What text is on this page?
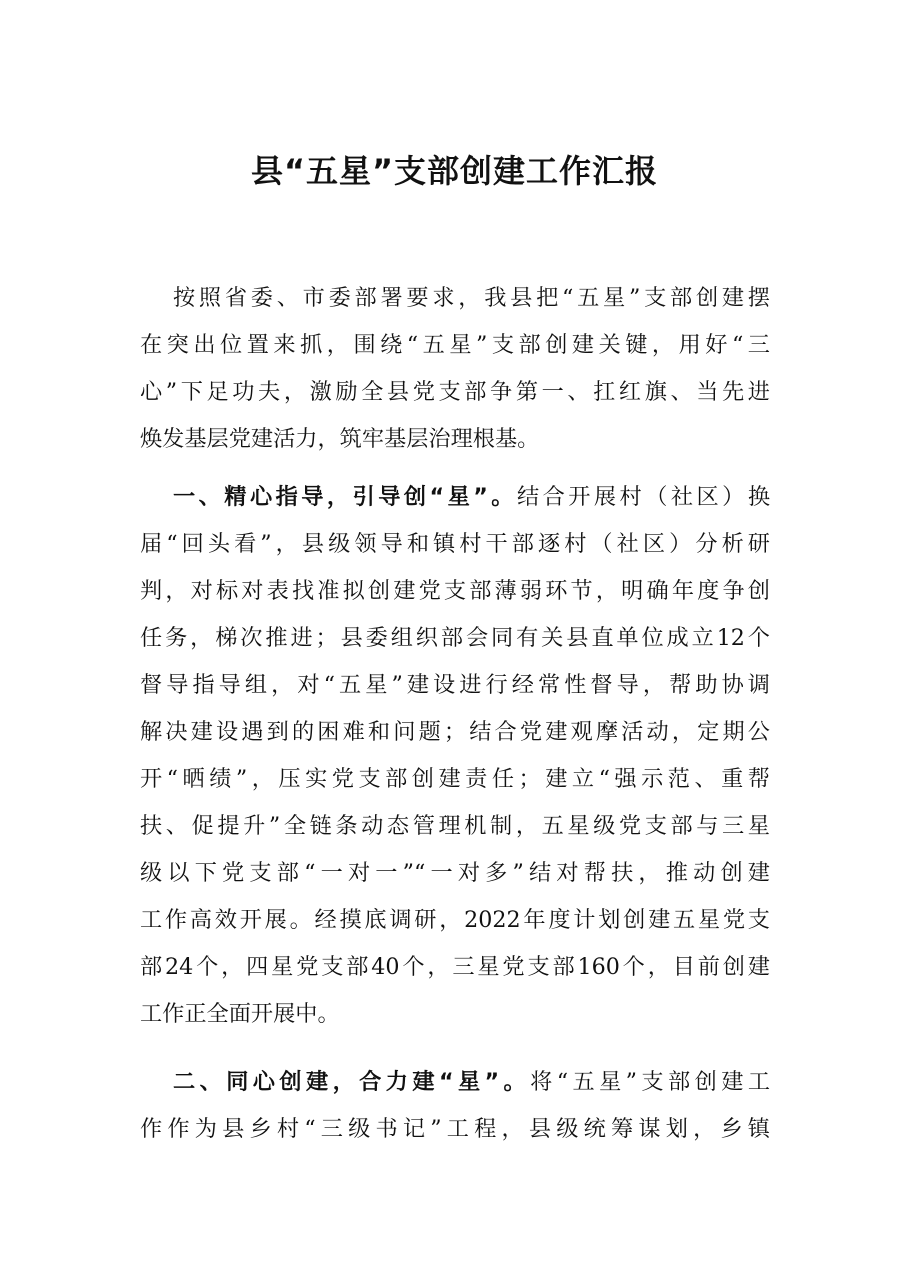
县“五星”支部创建工作汇报
按照省委、市委部署要求，我县把“五星”支部创建摆
在突出位置来抓，围绕“五星”支部创建关键，用好“三
心”下足功夫，激励全县党支部争第一、扛红旗、当先进
焕发基层党建活力，筑牢基层治理根基。
一、精心指导，引导创“星”。结合开展村（社区）换
届“回头看”，县级领导和镇村干部逐村（社区）分析研
判，对标对表找准拟创建党支部薄弱环节，明确年度争创
任务，梯次推进；县委组织部会同有关县直单位成立12个
督导指导组，对“五星”建设进行经常性督导，帮助协调
解决建设遇到的困难和问题；结合党建观摩活动，定期公
开“晒绩”，压实党支部创建责任；建立“强示范、重帮
扶、促提升”全链条动态管理机制，五星级党支部与三星
级以下党支部“一对一”“一对多”结对帮扶，推动创建
工作高效开展。经摸底调研，2022年度计划创建五星党支
部24个，四星党支部40个，三星党支部160个，目前创建
工作正全面开展中。
二、同心创建，合力建“星”。将“五星”支部创建工
作作为县乡村“三级书记”工程，县级统筹谋划，乡镇
